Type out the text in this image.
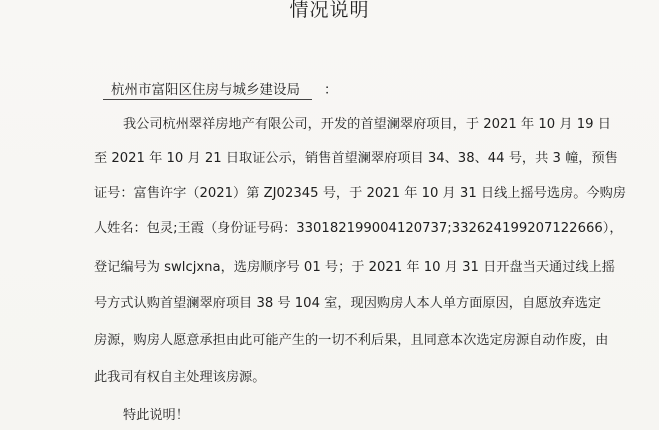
情况说明
杭州市富阳区住房与城乡建设局 ：
我公司杭州翠祥房地产有限公司，开发的首望澜翠府项目，于 2021 年 10 月 19 日
至 2021 年 10 月 21 日取证公示，销售首望澜翠府项目 34、38、44 号，共 3 幢，预售
证号：富售许字（2021）第 ZJ02345 号，于 2021 年 10 月 31 日线上摇号选房。今购房
人姓名：包灵;王霞（身份证号码：330182199004120737;332624199207122666），
登记编号为 swlcjxna，选房顺序号 01 号；于 2021 年 10 月 31 日开盘当天通过线上摇
号方式认购首望澜翠府项目 38 号 104 室，现因购房人本人单方面原因，自愿放弃选定
房源，购房人愿意承担由此可能产生的一切不利后果，且同意本次选定房源自动作废，由
此我司有权自主处理该房源。
特此说明！
